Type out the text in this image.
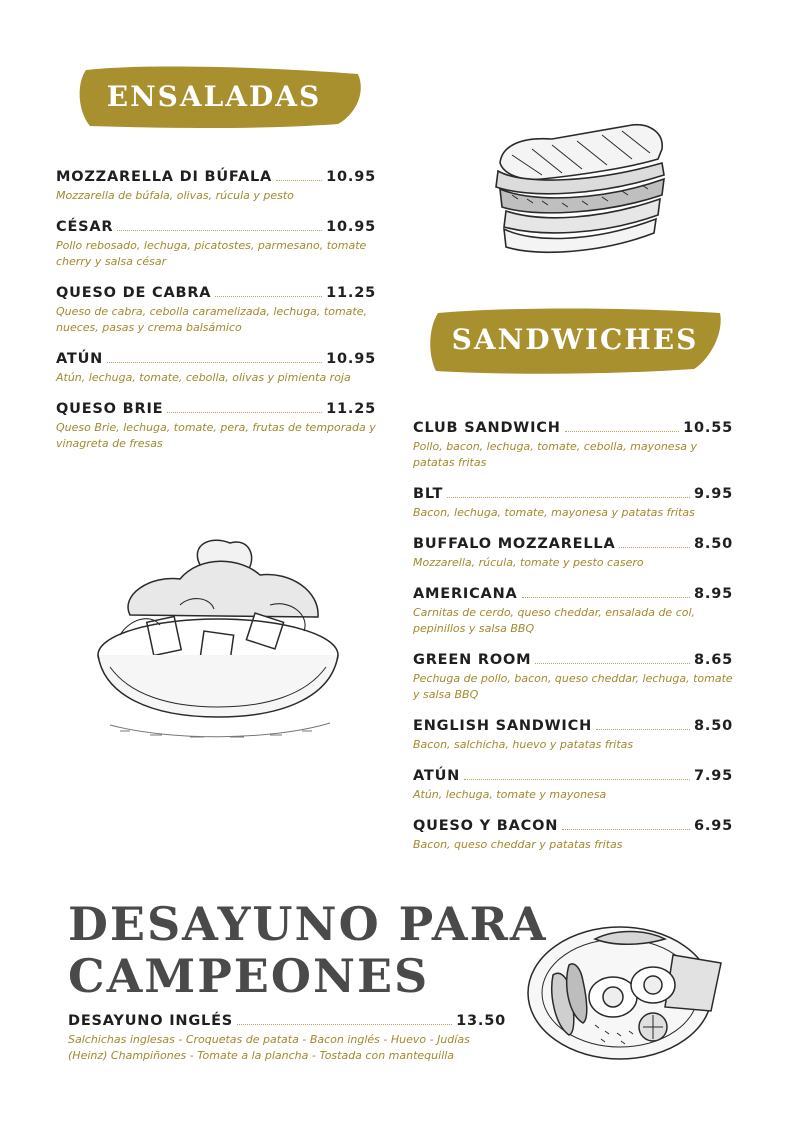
ENSALADAS
MOZZARELLA DI BÚFALA	10.95
Mozzarella de búfala, olivas, rúcula y pesto
CÉSAR	10.95
Pollo rebosado, lechuga, picatostes, parmesano, tomate cherry y salsa césar
QUESO DE CABRA	11.25
Queso de cabra, cebolla caramelizada, lechuga, tomate, nueces, pasas y crema balsámico
ATÚN	10.95
Atún, lechuga, tomate, cebolla, olivas y pimienta roja
QUESO BRIE	11.25
Queso Brie, lechuga, tomate, pera, frutas de temporada y vinagreta de fresas
SANDWICHES
CLUB SANDWICH	10.55
Pollo, bacon, lechuga, tomate, cebolla, mayonesa y patatas fritas
BLT	9.95
Bacon, lechuga, tomate, mayonesa y patatas fritas
BUFFALO MOZZARELLA	8.50
Mozzarella, rúcula, tomate y pesto casero
AMERICANA	8.95
Carnitas de cerdo, queso cheddar, ensalada de col, pepinillos y salsa BBQ
GREEN ROOM	8.65
Pechuga de pollo, bacon, queso cheddar, lechuga, tomate y salsa BBQ
ENGLISH SANDWICH	8.50
Bacon, salchicha, huevo y patatas fritas
ATÚN	7.95
Atún, lechuga, tomate y mayonesa
QUESO Y BACON	6.95
Bacon, queso cheddar y patatas fritas
DESAYUNO PARA
CAMPEONES
DESAYUNO INGLÉS	13.50
Salchichas inglesas - Croquetas de patata - Bacon inglés - Huevo - Judías (Heinz) Champiñones - Tomate a la plancha - Tostada con mantequilla
